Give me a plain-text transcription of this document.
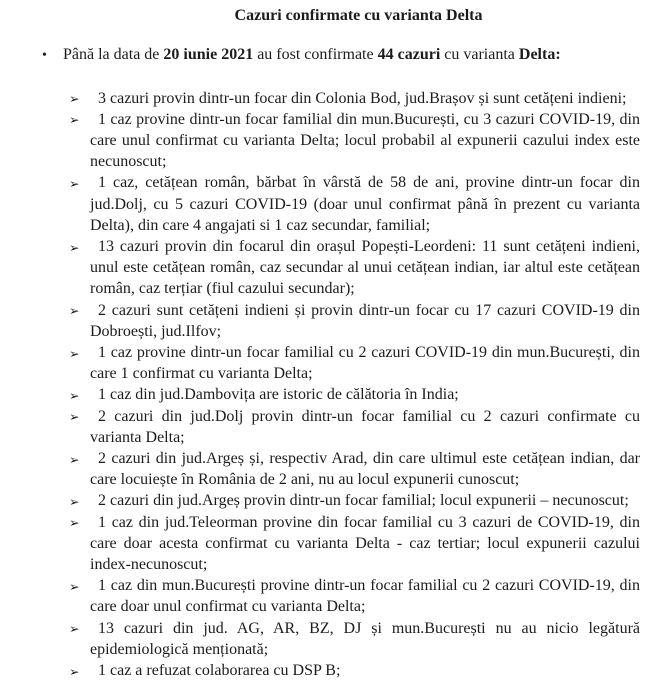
Cazuri confirmate cu varianta Delta
• Până la data de 20 iunie 2021 au fost confirmate 44 cazuri cu varianta Delta:
➢ 3 cazuri provin dintr-un focar din Colonia Bod, jud.Brașov și sunt cetățeni indieni;
➢ 1 caz provine dintr-un focar familial din mun.București, cu 3 cazuri COVID-19, din care unul confirmat cu varianta Delta; locul probabil al expunerii cazului index este necunoscut;
➢ 1 caz, cetățean român, bărbat în vârstă de 58 de ani, provine dintr-un focar din jud.Dolj, cu 5 cazuri COVID-19 (doar unul confirmat până în prezent cu varianta Delta), din care 4 angajati si 1 caz secundar, familial;
➢ 13 cazuri provin din focarul din orașul Popești-Leordeni: 11 sunt cetățeni indieni, unul este cetățean român, caz secundar al unui cetățean indian, iar altul este cetățean român, caz terțiar (fiul cazului secundar);
➢ 2 cazuri sunt cetățeni indieni și provin dintr-un focar cu 17 cazuri COVID-19 din Dobroești, jud.Ilfov;
➢ 1 caz provine dintr-un focar familial cu 2 cazuri COVID-19 din mun.București, din care 1 confirmat cu varianta Delta;
➢ 1 caz din jud.Dambovița are istoric de călătoria în India;
➢ 2 cazuri din jud.Dolj provin dintr-un focar familial cu 2 cazuri confirmate cu varianta Delta;
➢ 2 cazuri din jud.Argeș și, respectiv Arad, din care ultimul este cetățean indian, dar care locuiește în România de 2 ani, nu au locul expunerii cunoscut;
➢ 2 cazuri din jud.Argeș provin dintr-un focar familial; locul expunerii – necunoscut;
➢ 1 caz din jud.Teleorman provine din focar familial cu 3 cazuri de COVID-19, din care doar acesta confirmat cu varianta Delta - caz tertiar; locul expunerii cazului index-necunoscut;
➢ 1 caz din mun.București provine dintr-un focar familial cu 2 cazuri COVID-19, din care doar unul confirmat cu varianta Delta;
➢ 13 cazuri din jud. AG, AR, BZ, DJ și mun.București nu au nicio legătură epidemiologică menționată;
➢ 1 caz a refuzat colaborarea cu DSP B;
